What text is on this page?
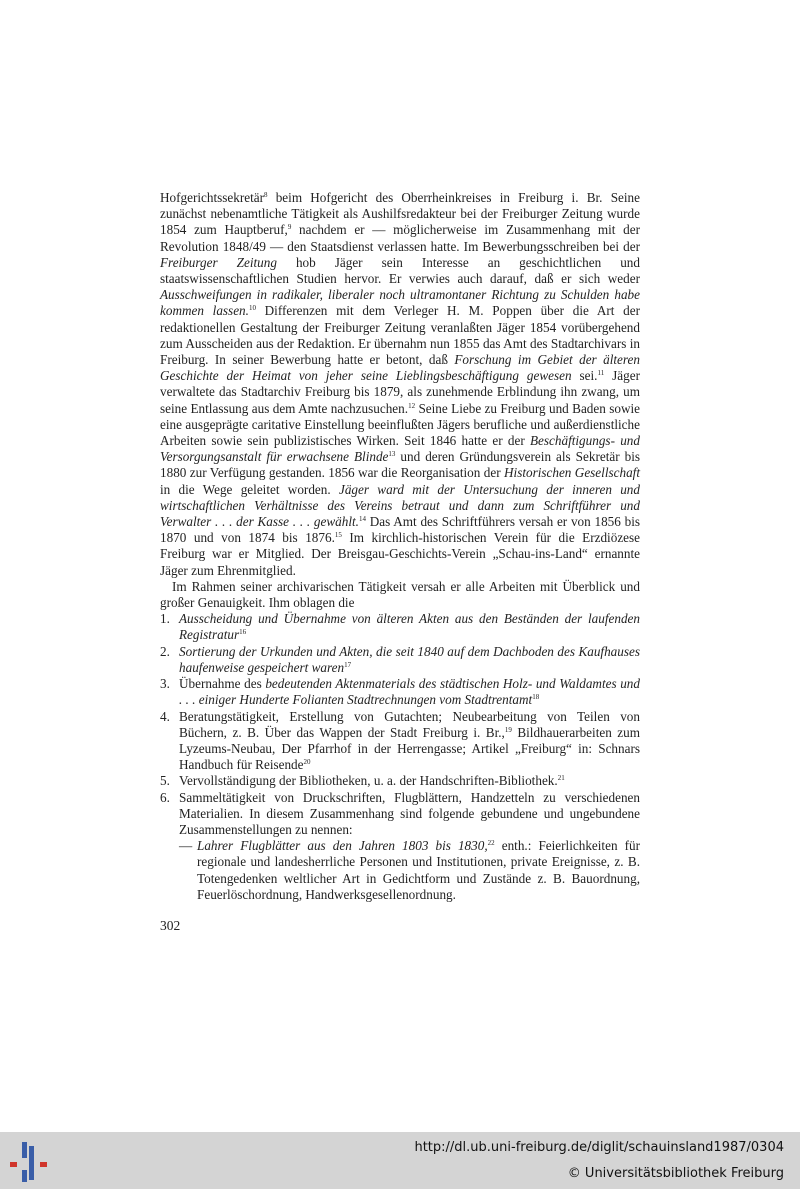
Hofgerichtssekretär$^8$ beim Hofgericht des Oberrheinkreises in Freiburg i. Br. Seine zunächst nebenamtliche Tätigkeit als Aushilfsredakteur bei der Freiburger Zeitung wurde 1854 zum Hauptberuf,$^9$ nachdem er — möglicherweise im Zusammenhang mit der Revolution 1848/49 — den Staatsdienst verlassen hatte. Im Bewerbungsschreiben bei der Freiburger Zeitung hob Jäger sein Interesse an geschichtlichen und staatswissenschaftlichen Studien hervor. Er verwies auch darauf, daß er sich weder Ausschweifungen in radikaler, liberaler noch ultramontaner Richtung zu Schulden habe kommen lassen.$^{10}$ Differenzen mit dem Verleger H. M. Poppen über die Art der redaktionellen Gestaltung der Freiburger Zeitung veranlaßten Jäger 1854 vorübergehend zum Ausscheiden aus der Redaktion. Er übernahm nun 1855 das Amt des Stadtarchivars in Freiburg. In seiner Bewerbung hatte er betont, daß Forschung im Gebiet der älteren Geschichte der Heimat von jeher seine Lieblingsbeschäftigung gewesen sei.$^{11}$ Jäger verwaltete das Stadtarchiv Freiburg bis 1879, als zunehmende Erblindung ihn zwang, um seine Entlassung aus dem Amte nachzusuchen.$^{12}$ Seine Liebe zu Freiburg und Baden sowie eine ausgeprägte caritative Einstellung beeinflußten Jägers berufliche und außerdienstliche Arbeiten sowie sein publizistisches Wirken. Seit 1846 hatte er der Beschäftigungs- und Versorgungsanstalt für erwachsene Blinde$^{13}$ und deren Gründungsverein als Sekretär bis 1880 zur Verfügung gestanden. 1856 war die Reorganisation der Historischen Gesellschaft in die Wege geleitet worden. Jäger ward mit der Untersuchung der inneren und wirtschaftlichen Verhältnisse des Vereins betraut und dann zum Schriftführer und Verwalter . . . der Kasse . . . gewählt.$^{14}$ Das Amt des Schriftführers versah er von 1856 bis 1870 und von 1874 bis 1876.15 Im kirchlich-historischen Verein für die Erzdiözese Freiburg war er Mitglied. Der Breisgau-Geschichts-Verein „Schau-ins-Land“ ernannte Jäger zum Ehrenmitglied.

Im Rahmen seiner archivarischen Tätigkeit versah er alle Arbeiten mit Überblick und großer Genauigkeit. Ihm oblagen die

1. Ausscheidung und Übernahme von älteren Akten aus den Beständen der laufenden Registratur$^{16}$
2. Sortierung der Urkunden und Akten, die seit 1840 auf dem Dachboden des Kaufhauses haufenweise gespeichert waren$^{17}$
3. Übernahme des bedeutenden Aktenmaterials des städtischen Holz- und Waldamtes und . . . einiger Hunderte Folianten Stadtrechnungen vom Stadtrentamt$^{18}$
4. Beratungstätigkeit, Erstellung von Gutachten; Neubearbeitung von Teilen von Büchern, z. B. Über das Wappen der Stadt Freiburg i. Br.,$^{19}$ Bildhauerarbeiten zum Lyzeums-Neubau, Der Pfarrhof in der Herrengasse; Artikel „Freiburg“ in: Schnars Handbuch für Reisende$^{20}$
5. Vervollständigung der Bibliotheken, u. a. der Handschriften-Bibliothek.$^{21}$
6. Sammeltätigkeit von Druckschriften, Flugblättern, Handzetteln zu verschiedenen Materialien. In diesem Zusammenhang sind folgende gebundene und ungebundene Zusammenstellungen zu nennen:
— Lahrer Flugblätter aus den Jahren 1803 bis 1830,22 enth.: Feierlichkeiten für regionale und landesherrliche Personen und Institutionen, private Ereignisse, z. B. Totengedenken weltlicher Art in Gedichtform und Zustände z. B. Bauordnung, Feuerlöschordnung, Handwerksgesellenordnung.
302
http://dl.ub.uni-freiburg.de/diglit/schauinsland1987/0304
© Universitätsbibliothek Freiburg
